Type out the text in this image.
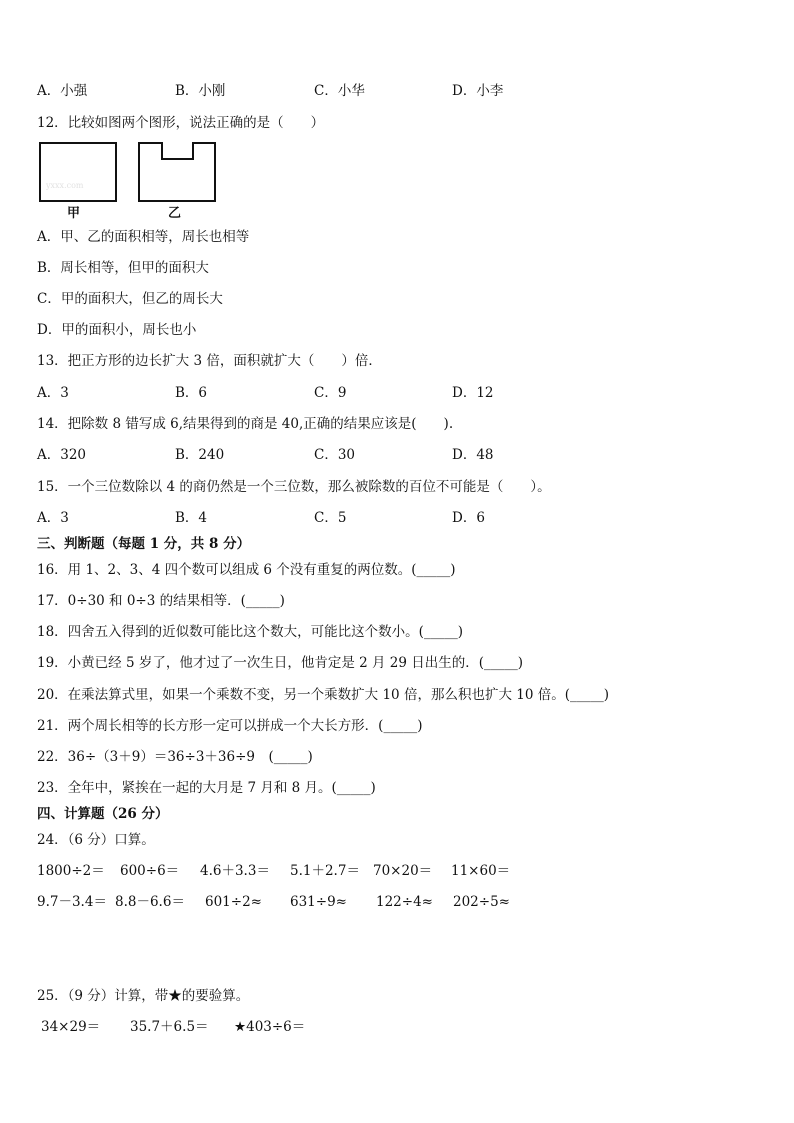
A．小强	B．小刚	C．小华	D．小李
12．比较如图两个图形，说法正确的是（　　）
yxxx.com
甲	乙
A．甲、乙的面积相等，周长也相等
B．周长相等，但甲的面积大
C．甲的面积大，但乙的周长大
D．甲的面积小，周长也小
13．把正方形的边长扩大 3 倍，面积就扩大（　　）倍．
A．3	B．6	C．9	D．12
14．把除数 8 错写成 6,结果得到的商是 40,正确的结果应该是(　　).
A．320	B．240	C．30	D．48
15．一个三位数除以 4 的商仍然是一个三位数，那么被除数的百位不可能是（　　）。
A．3	B．4	C．5	D．6
三、判断题（每题 1 分，共 8 分）
16．用 1、2、3、4 四个数可以组成 6 个没有重复的两位数。(_____)
17．0÷30 和 0÷3 的结果相等．(_____)
18．四舍五入得到的近似数可能比这个数大，可能比这个数小。(_____)
19．小黄已经 5 岁了，他才过了一次生日，他肯定是 2 月 29 日出生的．(_____)
20．在乘法算式里，如果一个乘数不变，另一个乘数扩大 10 倍，那么积也扩大 10 倍。(_____)
21．两个周长相等的长方形一定可以拼成一个大长方形．(_____)
22．36÷（3＋9）＝36÷3＋36÷9　(_____)
23．全年中，紧挨在一起的大月是 7 月和 8 月。(_____)
四、计算题（26 分）
24．（6 分）口算。
1800÷2＝ 600÷6＝ 4.6＋3.3＝ 5.1＋2.7＝ 70×20＝ 11×60＝
9.7－3.4＝ 8.8－6.6＝ 601÷2≈ 631÷9≈ 122÷4≈ 202÷5≈
25．（9 分）计算，带★的要验算。
34×29＝ 35.7＋6.5＝ ★403÷6＝
